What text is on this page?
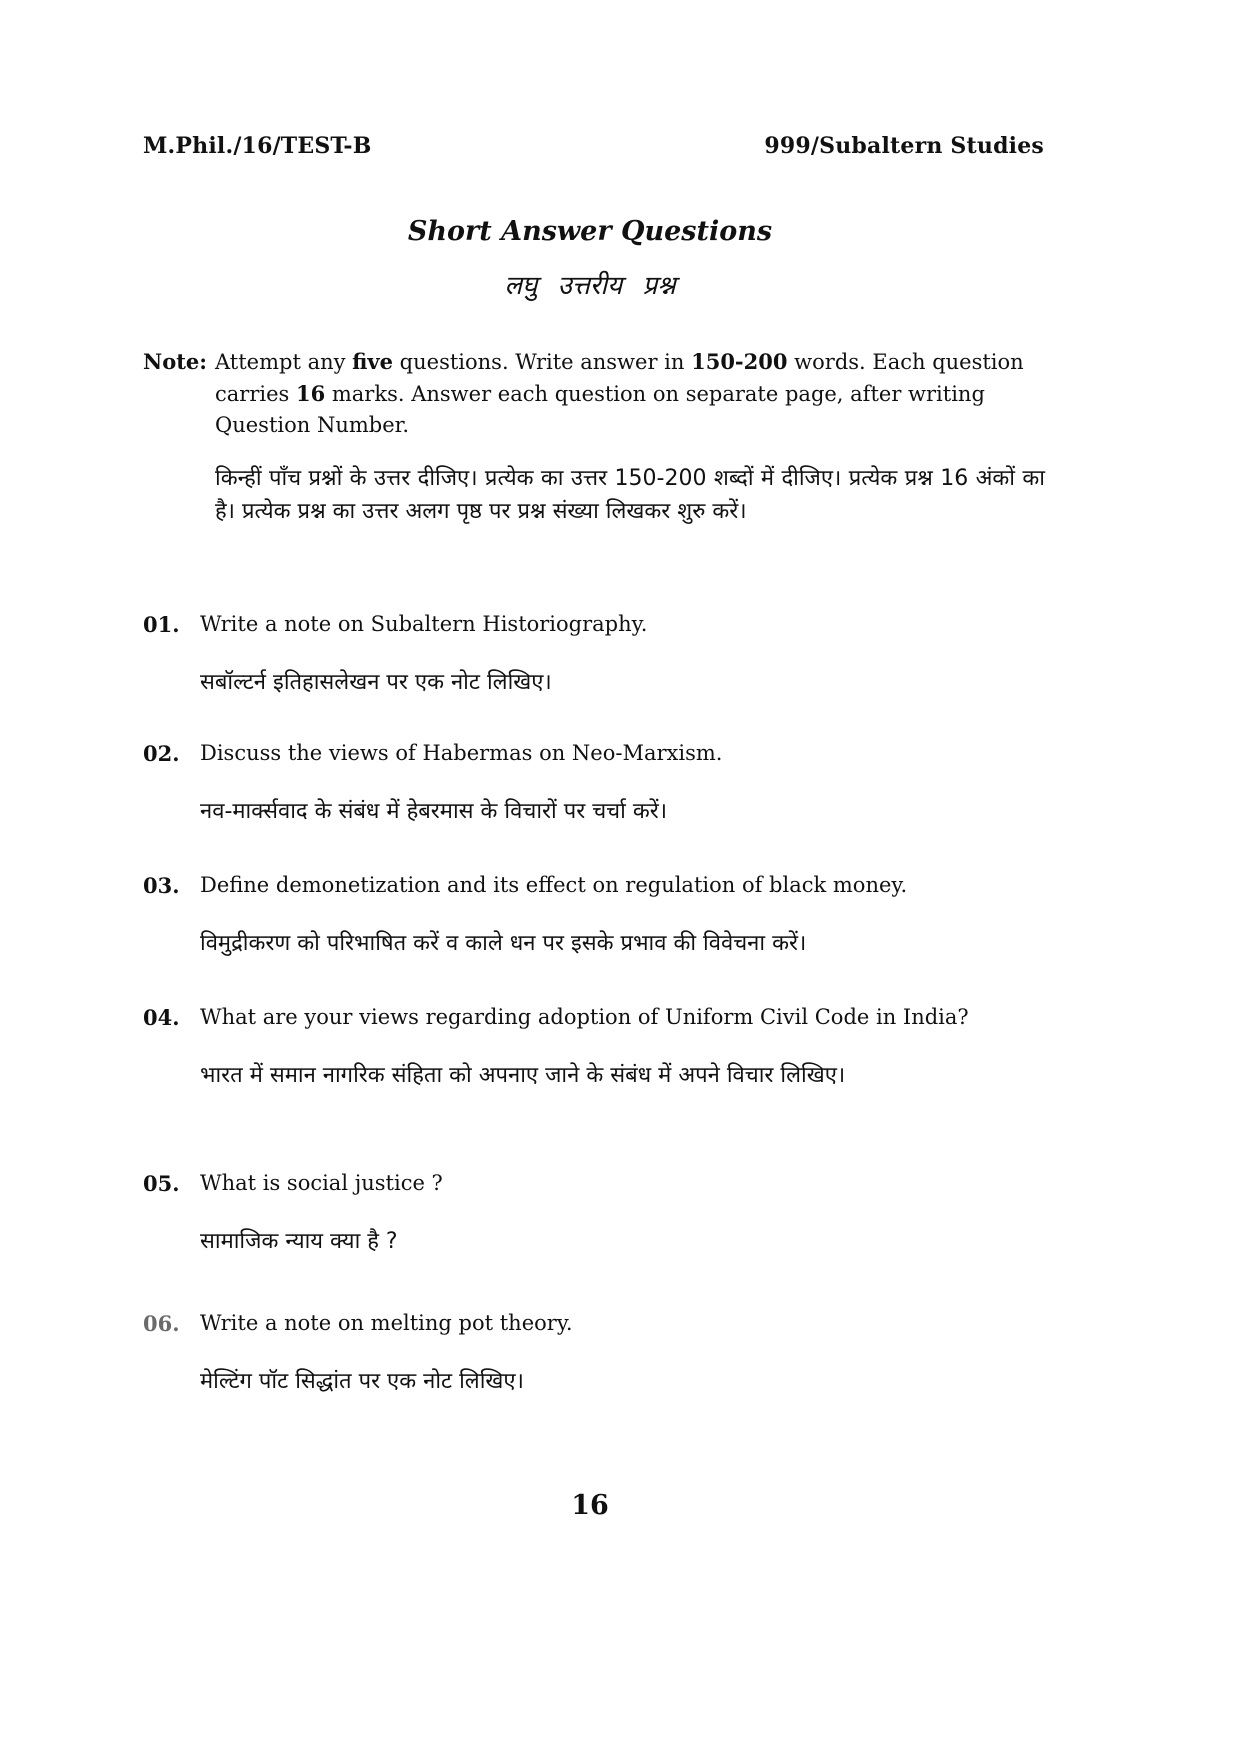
M.Phil./16/TEST-B	999/Subaltern Studies
Short Answer Questions
लघु उत्तरीय प्रश्न
Note: Attempt any five questions. Write answer in 150-200 words. Each question carries 16 marks. Answer each question on separate page, after writing Question Number.
किन्हीं पाँच प्रश्नों के उत्तर दीजिए। प्रत्येक का उत्तर 150-200 शब्दों में दीजिए। प्रत्येक प्रश्न 16 अंकों का है। प्रत्येक प्रश्न का उत्तर अलग पृष्ठ पर प्रश्न संख्या लिखकर शुरु करें।
01. Write a note on Subaltern Historiography.
सबॉल्टर्न इतिहासलेखन पर एक नोट लिखिए।
02. Discuss the views of Habermas on Neo-Marxism.
नव-मार्क्सवाद के संबंध में हेबरमास के विचारों पर चर्चा करें।
03. Define demonetization and its effect on regulation of black money.
विमुद्रीकरण को परिभाषित करें व काले धन पर इसके प्रभाव की विवेचना करें।
04. What are your views regarding adoption of Uniform Civil Code in India?
भारत में समान नागरिक संहिता को अपनाए जाने के संबंध में अपने विचार लिखिए।
05. What is social justice ?
सामाजिक न्याय क्या है ?
06. Write a note on melting pot theory.
मेल्टिंग पॉट सिद्धांत पर एक नोट लिखिए।
16
